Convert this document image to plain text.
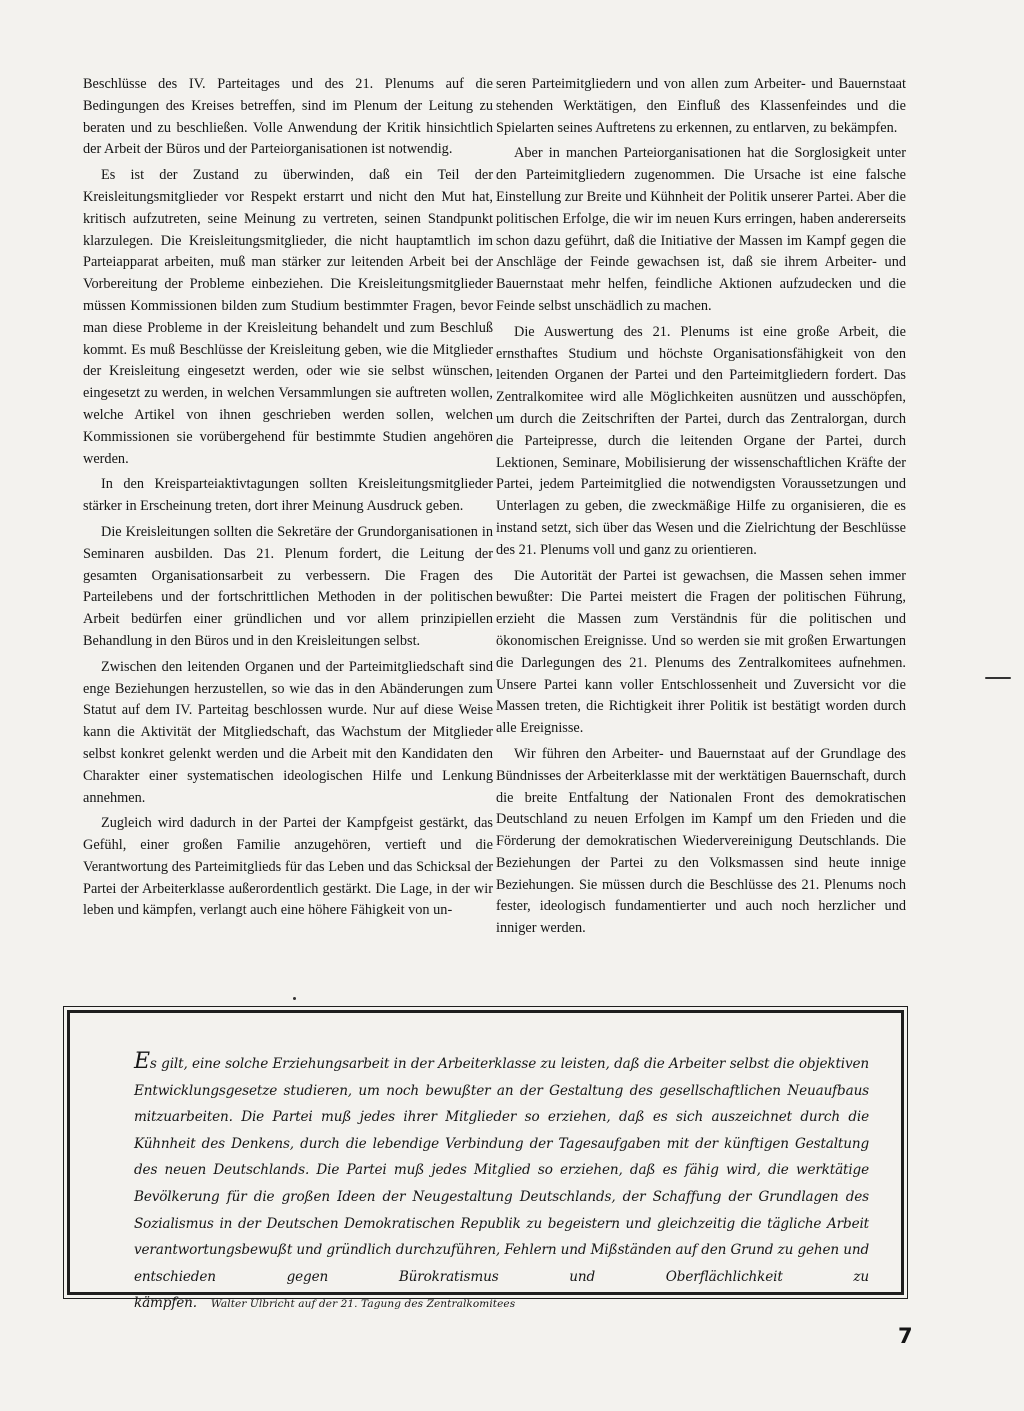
Beschlüsse des IV. Parteitages und des 21. Plenums auf die Bedingungen des Kreises betreffen, sind im Plenum der Leitung zu beraten und zu beschließen. Volle Anwendung der Kritik hinsichtlich der Arbeit der Büros und der Parteiorganisationen ist notwendig.

Es ist der Zustand zu überwinden, daß ein Teil der Kreisleitungsmitglieder vor Respekt erstarrt und nicht den Mut hat, kritisch aufzutreten, seine Meinung zu vertreten, seinen Standpunkt klarzulegen. Die Kreisleitungsmitglieder, die nicht hauptamtlich im Parteiapparat arbeiten, muß man stärker zur leitenden Arbeit bei der Vorbereitung der Probleme einbeziehen. Die Kreisleitungsmitglieder müssen Kommissionen bilden zum Studium bestimmter Fragen, bevor man diese Probleme in der Kreisleitung behandelt und zum Beschluß kommt. Es muß Beschlüsse der Kreisleitung geben, wie die Mitglieder der Kreisleitung eingesetzt werden, oder wie sie selbst wünschen, eingesetzt zu werden, in welchen Versammlungen sie auftreten wollen, welche Artikel von ihnen geschrieben werden sollen, welchen Kommissionen sie vorübergehend für bestimmte Studien angehören werden.

In den Kreisparteiaktivtagungen sollten Kreisleitungsmitglieder stärker in Erscheinung treten, dort ihrer Meinung Ausdruck geben.

Die Kreisleitungen sollten die Sekretäre der Grundorganisationen in Seminaren ausbilden. Das 21. Plenum fordert, die Leitung der gesamten Organisationsarbeit zu verbessern. Die Fragen des Parteilebens und der fortschrittlichen Methoden in der politischen Arbeit bedürfen einer gründlichen und vor allem prinzipiellen Behandlung in den Büros und in den Kreisleitungen selbst.

Zwischen den leitenden Organen und der Parteimitgliedschaft sind enge Beziehungen herzustellen, so wie das in den Abänderungen zum Statut auf dem IV. Parteitag beschlossen wurde. Nur auf diese Weise kann die Aktivität der Mitgliedschaft, das Wachstum der Mitglieder selbst konkret gelenkt werden und die Arbeit mit den Kandidaten den Charakter einer systematischen ideologischen Hilfe und Lenkung annehmen.

Zugleich wird dadurch in der Partei der Kampfgeist gestärkt, das Gefühl, einer großen Familie anzugehören, vertieft und die Verantwortung des Parteimitglieds für das Leben und das Schicksal der Partei der Arbeiterklasse außerordentlich gestärkt. Die Lage, in der wir leben und kämpfen, verlangt auch eine höhere Fähigkeit von un-

seren Parteimitgliedern und von allen zum Arbeiter- und Bauernstaat stehenden Werktätigen, den Einfluß des Klassenfeindes und die Spielarten seines Auftretens zu erkennen, zu entlarven, zu bekämpfen.

Aber in manchen Parteiorganisationen hat die Sorglosigkeit unter den Parteimitgliedern zugenommen. Die Ursache ist eine falsche Einstellung zur Breite und Kühnheit der Politik unserer Partei. Aber die politischen Erfolge, die wir im neuen Kurs erringen, haben andererseits schon dazu geführt, daß die Initiative der Massen im Kampf gegen die Anschläge der Feinde gewachsen ist, daß sie ihrem Arbeiter- und Bauernstaat mehr helfen, feindliche Aktionen aufzudecken und die Feinde selbst unschädlich zu machen.

Die Auswertung des 21. Plenums ist eine große Arbeit, die ernsthaftes Studium und höchste Organisationsfähigkeit von den leitenden Organen der Partei und den Parteimitgliedern fordert. Das Zentralkomitee wird alle Möglichkeiten ausnützen und ausschöpfen, um durch die Zeitschriften der Partei, durch das Zentralorgan, durch die Parteipresse, durch die leitenden Organe der Partei, durch Lektionen, Seminare, Mobilisierung der wissenschaftlichen Kräfte der Partei, jedem Parteimitglied die notwendigsten Voraussetzungen und Unterlagen zu geben, die zweckmäßige Hilfe zu organisieren, die es instand setzt, sich über das Wesen und die Zielrichtung der Beschlüsse des 21. Plenums voll und ganz zu orientieren.

Die Autorität der Partei ist gewachsen, die Massen sehen immer bewußter: Die Partei meistert die Fragen der politischen Führung, erzieht die Massen zum Verständnis für die politischen und ökonomischen Ereignisse. Und so werden sie mit großen Erwartungen die Darlegungen des 21. Plenums des Zentralkomitees aufnehmen. Unsere Partei kann voller Entschlossenheit und Zuversicht vor die Massen treten, die Richtigkeit ihrer Politik ist bestätigt worden durch alle Ereignisse.

Wir führen den Arbeiter- und Bauernstaat auf der Grundlage des Bündnisses der Arbeiterklasse mit der werktätigen Bauernschaft, durch die breite Entfaltung der Nationalen Front des demokratischen Deutschland zu neuen Erfolgen im Kampf um den Frieden und die Förderung der demokratischen Wiedervereinigung Deutschlands. Die Beziehungen der Partei zu den Volksmassen sind heute innige Beziehungen. Sie müssen durch die Beschlüsse des 21. Plenums noch fester, ideologisch fundamentierter und auch noch herzlicher und inniger werden.

Es gilt, eine solche Erziehungsarbeit in der Arbeiterklasse zu leisten, daß die Arbeiter selbst die objektiven Entwicklungsgesetze studieren, um noch bewußter an der Gestaltung des gesellschaftlichen Neuaufbaus mitzuarbeiten. Die Partei muß jedes ihrer Mitglieder so erziehen, daß es sich auszeichnet durch die Kühnheit des Denkens, durch die lebendige Verbindung der Tagesaufgaben mit der künftigen Gestaltung des neuen Deutschlands. Die Partei muß jedes Mitglied so erziehen, daß es fähig wird, die werktätige Bevölkerung für die großen Ideen der Neugestaltung Deutschlands, der Schaffung der Grundlagen des Sozialismus in der Deutschen Demokratischen Republik zu begeistern und gleichzeitig die tägliche Arbeit verantwortungsbewußt und gründlich durchzuführen, Fehlern und Mißständen auf den Grund zu gehen und entschieden gegen Bürokratismus und Oberflächlichkeit zu kämpfen. Walter Ulbricht auf der 21. Tagung des Zentralkomitees
7
